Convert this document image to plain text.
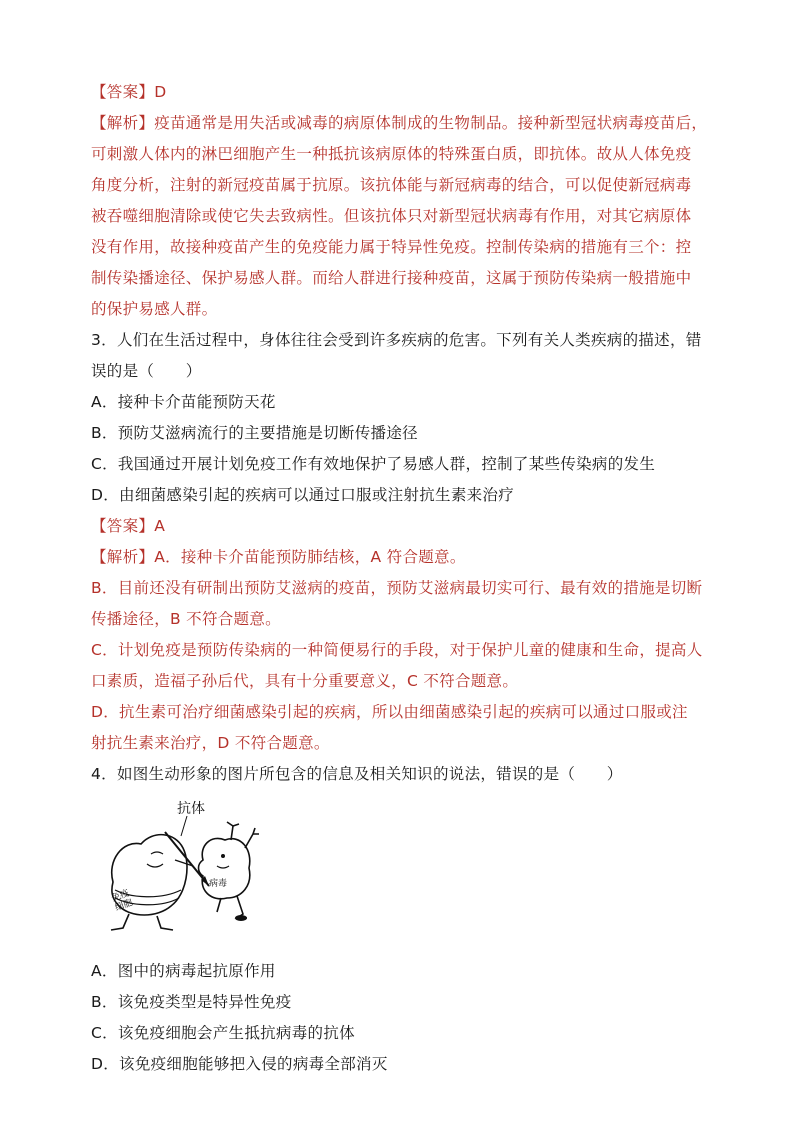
【答案】D
【解析】疫苗通常是用失活或减毒的病原体制成的生物制品。接种新型冠状病毒疫苗后，
可刺激人体内的淋巴细胞产生一种抵抗该病原体的特殊蛋白质，即抗体。故从人体免疫
角度分析，注射的新冠疫苗属于抗原。该抗体能与新冠病毒的结合，可以促使新冠病毒
被吞噬细胞清除或使它失去致病性。但该抗体只对新型冠状病毒有作用，对其它病原体
没有作用，故接种疫苗产生的免疫能力属于特异性免疫。控制传染病的措施有三个：控
制传染播途径、保护易感人群。而给人群进行接种疫苗，这属于预防传染病一般措施中
的保护易感人群。
3．人们在生活过程中，身体往往会受到许多疾病的危害。下列有关人类疾病的描述，错
误的是（　　）
A．接种卡介苗能预防天花
B．预防艾滋病流行的主要措施是切断传播途径
C．我国通过开展计划免疫工作有效地保护了易感人群，控制了某些传染病的发生
D．由细菌感染引起的疾病可以通过口服或注射抗生素来治疗
【答案】A
【解析】A．接种卡介苗能预防肺结核，A 符合题意。
B．目前还没有研制出预防艾滋病的疫苗，预防艾滋病最切实可行、最有效的措施是切断
传播途径，B 不符合题意。
C．计划免疫是预防传染病的一种简便易行的手段，对于保护儿童的健康和生命，提高人
口素质，造福子孙后代，具有十分重要意义，C 不符合题意。
D．抗生素可治疗细菌感染引起的疾病，所以由细菌感染引起的疾病可以通过口服或注
射抗生素来治疗，D 不符合题意。
4．如图生动形象的图片所包含的信息及相关知识的说法，错误的是（　　）
抗体
免疫细胞
病毒
A．图中的病毒起抗原作用
B．该免疫类型是特异性免疫
C．该免疫细胞会产生抵抗病毒的抗体
D．该免疫细胞能够把入侵的病毒全部消灭
